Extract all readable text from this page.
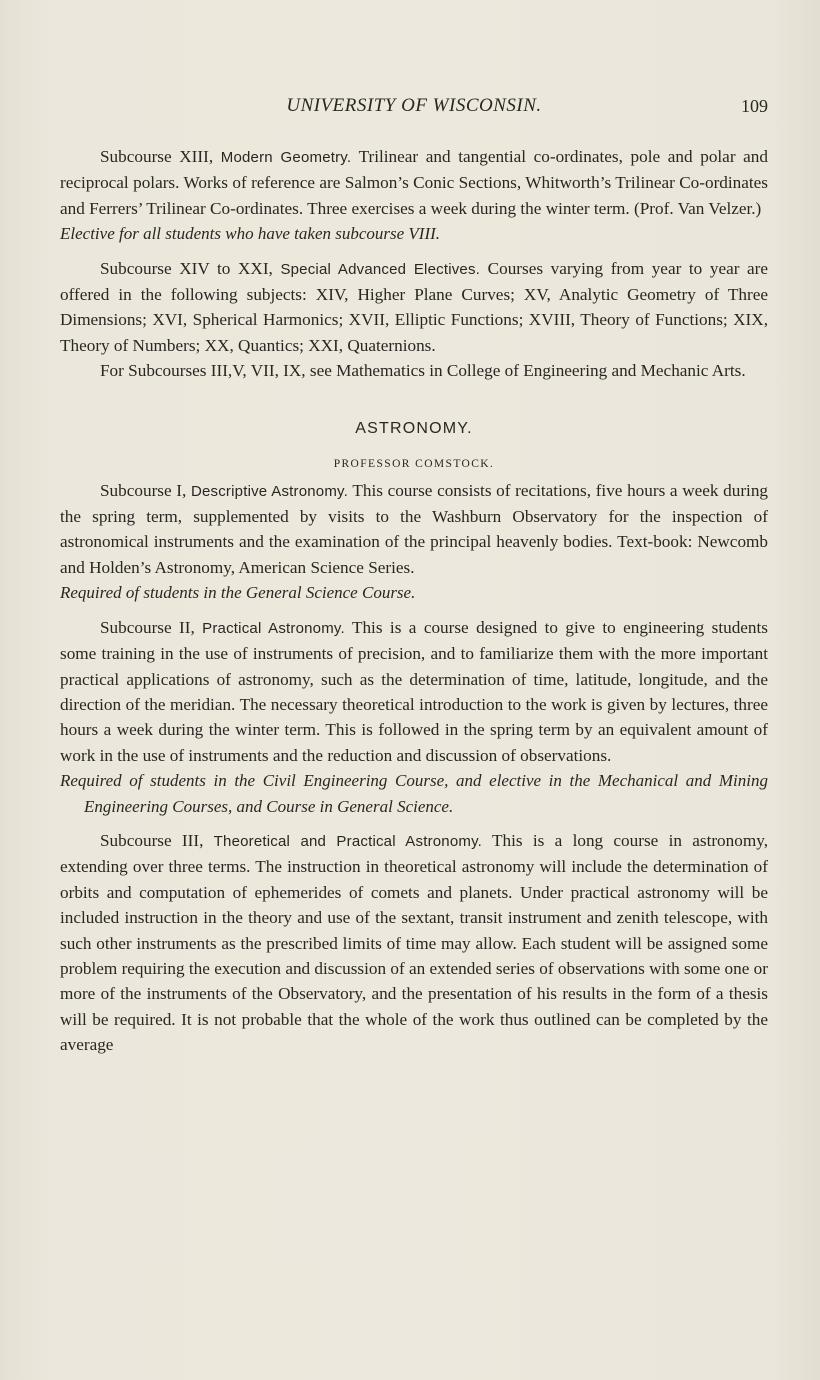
UNIVERSITY OF WISCONSIN.	109

Subcourse XIII, Modern Geometry. Trilinear and tangential co-ordinates, pole and polar and reciprocal polars. Works of reference are Salmon’s Conic Sections, Whitworth’s Trilinear Co-ordinates and Ferrers’ Trilinear Co-ordinates. Three exercises a week during the winter term. (Prof. Van Velzer.)

Elective for all students who have taken subcourse VIII.

Subcourse XIV to XXI, Special Advanced Electives. Courses varying from year to year are offered in the following subjects: XIV, Higher Plane Curves; XV, Analytic Geometry of Three Dimensions; XVI, Spherical Harmonics; XVII, Elliptic Functions; XVIII, Theory of Functions; XIX, Theory of Numbers; XX, Quantics; XXI, Quaternions.

For Subcourses III,V, VII, IX, see Mathematics in College of Engineering and Mechanic Arts.

ASTRONOMY.
PROFESSOR COMSTOCK.

Subcourse I, Descriptive Astronomy. This course consists of recitations, five hours a week during the spring term, supplemented by visits to the Washburn Observatory for the inspection of astronomical instruments and the examination of the principal heavenly bodies. Text-book: Newcomb and Holden’s Astronomy, American Science Series.

Required of students in the General Science Course.

Subcourse II, Practical Astronomy. This is a course designed to give to engineering students some training in the use of instruments of precision, and to familiarize them with the more important practical applications of astronomy, such as the determination of time, latitude, longitude, and the direction of the meridian. The necessary theoretical introduction to the work is given by lectures, three hours a week during the winter term. This is followed in the spring term by an equivalent amount of work in the use of instruments and the reduction and discussion of observations.

Required of students in the Civil Engineering Course, and elective in the Mechanical and Mining Engineering Courses, and Course in General Science.

Subcourse III, Theoretical and Practical Astronomy. This is a long course in astronomy, extending over three terms. The instruction in theoretical astronomy will include the determination of orbits and computation of ephemerides of comets and planets. Under practical astronomy will be included instruction in the theory and use of the sextant, transit instrument and zenith telescope, with such other instruments as the prescribed limits of time may allow. Each student will be assigned some problem requiring the execution and discussion of an extended series of observations with some one or more of the instruments of the Observatory, and the presentation of his results in the form of a thesis will be required. It is not probable that the whole of the work thus outlined can be completed by the average
